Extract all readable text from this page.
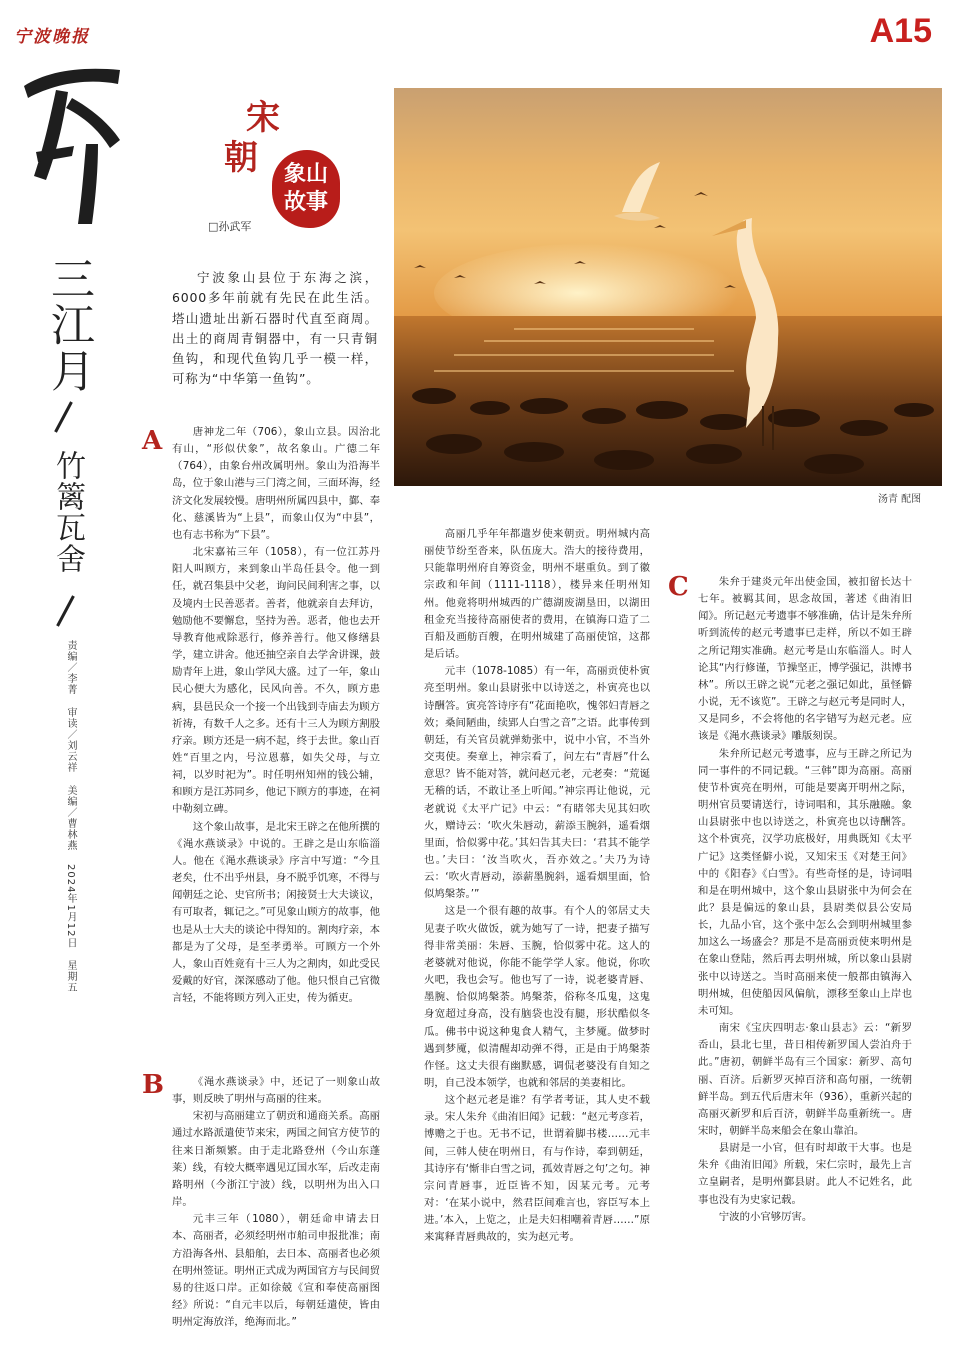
宁波晚报	A15
三江月
竹篱瓦舍
责编／李菁 审读／刘云祥 美编／曹林燕 2024年1月12日 星期五
宋
朝	象山
故事
□孙武军
汤青 配图

宁波象山县位于东海之滨，6000多年前就有先民在此生活。塔山遗址出新石器时代直至商周。出土的商周青铜器中，有一只青铜鱼钩，和现代鱼钩几乎一模一样，可称为“中华第一鱼钩”。

A	唐神龙二年（706），象山立县。因治北有山，“形似伏象”，故名象山。广德二年（764），由象台州改属明州。象山为沿海半岛，位于象山港与三门湾之间，三面环海，经济文化发展较慢。唐明州所属四县中，鄞、奉化、慈溪皆为“上县”，而象山仅为“中县”，也有志书称为“下县”。

北宋嘉祐三年（1058），有一位江苏丹阳人叫顾方，来到象山半岛任县令。他一到任，就召集县中父老，询问民间利害之事，以及境内士民善恶者。善者，他就亲自去拜访，勉励他不要懈怠，坚持为善。恶者，他也去开导教育他戒除恶行，修养善行。他又修缮县学，建立讲舍。他还抽空亲自去学舍讲课，鼓励青年上进，象山学风大盛。过了一年，象山民心便大为感化，民风向善。不久，顾方患病，县邑民众一个接一个出钱到寺庙去为顾方祈祷，有数千人之多。还有十三人为顾方割股疗亲。顾方还是一病不起，终于去世。象山百姓“百里之内，号泣恩慕，如失父母，与立祠，以岁时祀为”。时任明州知州的钱公辅，和顾方是江苏同乡，他记下顾方的事迹，在祠中勒刻立碑。

这个象山故事，是北宋王辟之在他所撰的《渑水燕谈录》中说的。王辟之是山东临淄人。他在《渑水燕谈录》序言中写道：“今且老矣，仕不出乎州县，身不脱乎饥寒，不得与闻朝廷之论、史官所书；闲接贤士大夫谈议，有可取者，辄记之。”可见象山顾方的故事，他也是从士大夫的谈论中得知的。割肉疗亲，本都是为了父母，是至孝勇举。可顾方一个外人，象山百姓竟有十三人为之割肉，如此受民爱戴的好官，深深感动了他。他只恨自己官微言轻，不能将顾方列入正史，传为循吏。

B	《渑水燕谈录》中，还记了一则象山故事，则反映了明州与高丽的往来。

宋初与高丽建立了朝贡和通商关系。高丽通过水路派遣使节来宋，两国之间官方使节的往来日渐频繁。由于走北路登州（今山东蓬莱）线，有较大概率遇见辽国水军，后改走南路明州（今浙江宁波）线，以明州为出入口岸。

元丰三年（1080），朝廷命申请去日本、高丽者，必须经明州市舶司申报批准；南方沿海各州、县船舶，去日本、高丽者也必须在明州签证。明州正式成为两国官方与民间贸易的往返口岸。正如徐兢《宣和奉使高丽图经》所说：“自元丰以后，每朝廷遣使，皆由明州定海放洋，绝海而北。”

高丽几乎年年都遣岁使来朝贡。明州城内高丽使节纷至沓来，队伍庞大。浩大的接待费用，只能靠明州府自筹资金，明州不堪重负。到了徽宗政和年间（1111-1118），楼异来任明州知州。他竟将明州城西的广德湖废湖垦田，以湖田租金充当接待高丽使者的费用，在镇海口造了二百船及画舫百艘，在明州城建了高丽使馆，这都是后话。

元丰（1078-1085）有一年，高丽贡使朴寅亮至明州。象山县尉张中以诗送之，朴寅亮也以诗酬答。寅亮答诗序有“花面艳吹，愧邻妇青唇之效；桑间陋曲，续郢人白雪之音”之语。此事传到朝廷，有关官员就弹劾张中，说中小官，不当外交夷使。奏章上，神宗看了，问左右“青唇”什么意思？皆不能对答，就问赵元老，元老奏：“荒诞无稽的话，不敢让圣上听闻。”神宗再让他说，元老就说《太平广记》中云：“有睹邻夫见其妇吹火，赠诗云：‘吹火朱唇动，薪添玉腕斜，遥看烟里面，恰似雾中花。’其妇告其夫曰：‘君其不能学也。’夫曰：‘汝当吹火，吾亦效之。’夫乃为诗云：‘吹火青唇动，添薪墨腕斜，遥看烟里面，恰似鸠槃荼。’”

这是一个很有趣的故事。有个人的邻居丈夫见妻子吹火做饭，就为她写了一诗，把妻子描写得非常美丽：朱唇、玉腕，恰似雾中花。这人的老婆就对他说，你能不能学学人家。他说，你吹火吧，我也会写。他也写了一诗，说老婆青唇、墨腕、恰似鸠槃荼。鸠槃荼，俗称冬瓜鬼，这鬼身宽超过身高，没有脑袋也没有腿，形状酷似冬瓜。佛书中说这种鬼食人精气，主梦魇。做梦时遇到梦魇，似清醒却动弹不得，正是由于鸠槃荼作怪。这丈夫很有幽默感，调侃老婆没有自知之明，自己没本领学，也就和邻居的美妻相比。

这个赵元老是谁？有学者考证，其人史不载录。宋人朱弁《曲洧旧闻》记载：“赵元考彦若，博赡之于也。无书不记，世谓着脚书楼……元丰间，三韩人使在明州日，有与作诗，奉到朝廷，其诗序有‘惭非白雪之词，孤效青唇之句’之句。神宗问青唇事，近臣皆不知，因某元考。元考对：‘在某小说中，然君臣间难言也，容臣写本上进。’本入，上览之，止是夫妇相嘲着青唇……”原来寓释青唇典故的，实为赵元考。

C	朱弁于建炎元年出使金国，被扣留长达十七年。被羁其间，思念故国，著述《曲洧旧闻》。所记赵元考遗事不够准确，估计是朱弁所听到流传的赵元考遗事已走样，所以不如王辟之所记翔实准确。赵元考是山东临淄人。时人论其“内行修谨，节操坚正，博学强记，洪博书林”。所以王辟之说“元老之强记如此，虽怪僻小说，无不该览”。王辟之与赵元考是同时人，又是同乡，不会将他的名字错写为赵元老。应该是《渑水燕谈录》雕版刻误。

朱弁所记赵元考遗事，应与王辟之所记为同一事件的不同记载。“三韩”即为高丽。高丽使节朴寅亮在明州，可能是要离开明州之际，明州官员要请送行，诗词唱和，其乐融融。象山县尉张中也以诗送之，朴寅亮也以诗酬答。这个朴寅亮，汉学功底极好，用典既知《太平广记》这类怪僻小说，又知宋玉《对楚王问》中的《阳春》《白雪》。有些奇怪的是，诗词唱和是在明州城中，这个象山县尉张中为何会在此？县是偏远的象山县，县尉类似县公安局长，九品小官，这个张中怎么会到明州城里参加这么一场盛会？那是不是高丽贡使来明州是在象山登陆，然后再去明州城，所以象山县尉张中以诗送之。当时高丽来使一般都由镇海入明州城，但使船因风偏航，漂移至象山上岸也未可知。

南宋《宝庆四明志·象山县志》云：“新罗岙山，县北七里，昔日相传新罗国人尝泊舟于此。”唐初，朝鲜半岛有三个国家：新罗、高句丽、百济。后新罗灭掉百济和高句丽，一统朝鲜半岛。到五代后唐末年（936），重新兴起的高丽灭新罗和后百济，朝鲜半岛重新统一。唐宋时，朝鲜半岛来船会在象山靠泊。

县尉是一小官，但有时却敢干大事。也是朱弁《曲洧旧闻》所载，宋仁宗时，最先上言立皇嗣者，是明州鄞县尉。此人不记姓名，此事也没有为史家记载。

宁波的小官够厉害。
